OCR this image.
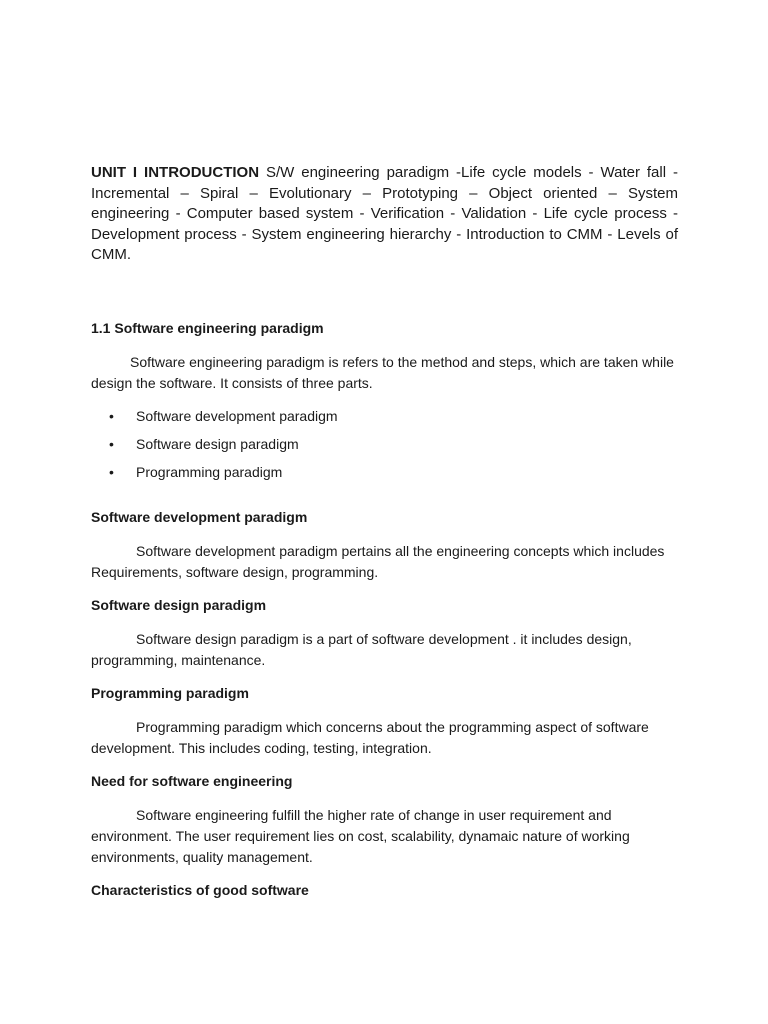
UNIT I INTRODUCTION S/W engineering paradigm -Life cycle models - Water fall - Incremental – Spiral – Evolutionary – Prototyping – Object oriented – System engineering - Computer based system - Verification - Validation - Life cycle process - Development process - System engineering hierarchy - Introduction to CMM - Levels of CMM.

1.1 Software engineering paradigm

Software engineering paradigm is refers to the method and steps, which are taken while design the software. It consists of three parts.

• Software development paradigm
• Software design paradigm
• Programming paradigm
Software development paradigm

Software development paradigm pertains all the engineering concepts which includes Requirements, software design, programming.

Software design paradigm

Software design paradigm is a part of software development . it includes design, programming, maintenance.

Programming paradigm

Programming paradigm which concerns about the programming aspect of software development. This includes coding, testing, integration.

Need for software engineering

Software engineering fulfill the higher rate of change in user requirement and environment. The user requirement lies on cost, scalability, dynamaic nature of working environments, quality management.

Characteristics of good software
